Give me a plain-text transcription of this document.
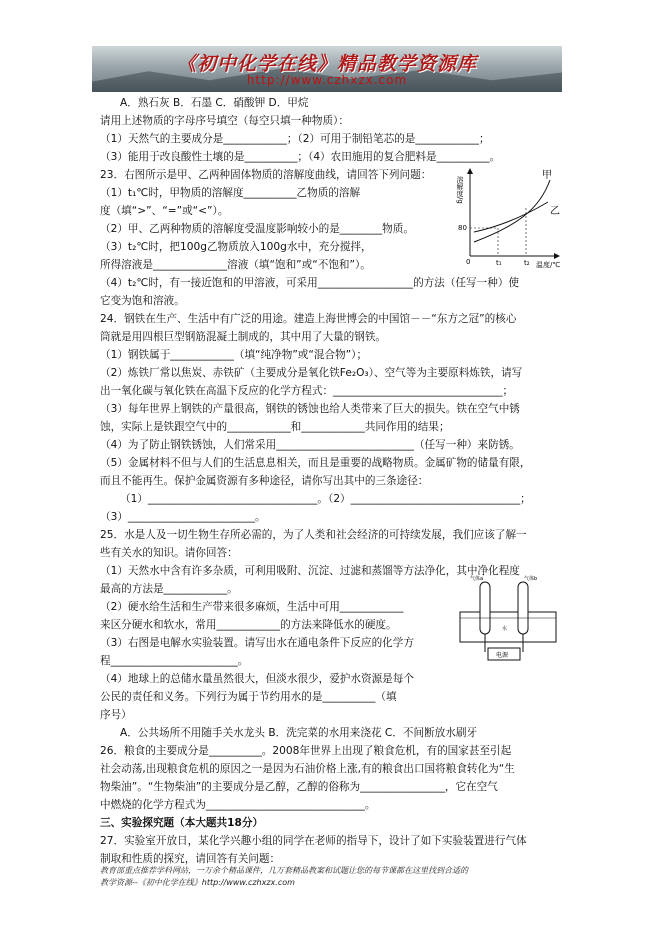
《初中化学在线》精品教学资源库
http://www.czhxzx.com

A．熟石灰 B．石墨 C．硝酸钾 D．甲烷

请用上述物质的字母序号填空（每空只填一种物质）：

（1）天然气的主要成分是____________；（2）可用于制铅笔芯的是____________；

（3）能用于改良酸性土壤的是__________；（4）农田施用的复合肥料是__________。

23．右图所示是甲、乙两种固体物质的溶解度曲线，请回答下列问题：

（1）t₁℃时，甲物质的溶解度__________乙物质的溶解

度（填“>”、“=”或“<”）。

（2）甲、乙两种物质的溶解度受温度影响较小的是________物质。

（3）t₂℃时，把100g乙物质放入100g水中，充分搅拌，

所得溶液是______________溶液（填“饱和”或“不饱和”）。

（4）t₂℃时，有一接近饱和的甲溶液，可采用__________________的方法（任写一种）使

它变为饱和溶液。

24．钢铁在生产、生活中有广泛的用途。建造上海世博会的中国馆－－“东方之冠”的核心

筒就是用四根巨型钢筋混凝土制成的，其中用了大量的钢铁。

（1）钢铁属于____________（填“纯净物”或“混合物”）；

（2）炼铁厂常以焦炭、赤铁矿（主要成分是氧化铁Fe₂O₃）、空气等为主要原料炼铁，请写

出一氧化碳与氧化铁在高温下反应的化学方程式：________________________________；

（3）每年世界上钢铁的产量很高，钢铁的锈蚀也给人类带来了巨大的损失。铁在空气中锈

蚀，实际上是铁跟空气中的____________和____________共同作用的结果；

（4）为了防止钢铁锈蚀，人们常采用__________________________（任写一种）来防锈。

（5）金属材料不但与人们的生活息息相关，而且是重要的战略物质。金属矿物的储量有限，

而且不能再生。保护金属资源有多种途径，请你写出其中的三条途径：

（1）________________________________。（2）________________________________；

（3）________________________。

25．水是人及一切生物生存所必需的，为了人类和社会经济的可持续发展，我们应该了解一

些有关水的知识。请你回答：

（1）天然水中含有许多杂质，可利用吸附、沉淀、过滤和蒸馏等方法净化，其中净化程度

最高的方法是____________。

（2）硬水给生活和生产带来很多麻烦，生活中可用____________

来区分硬水和软水，常用____________的方法来降低水的硬度。

（3）右图是电解水实验装置。请写出水在通电条件下反应的化学方

程________________________。

（4）地球上的总储水量虽然很大，但淡水很少，爱护水资源是每个

公民的责任和义务。下列行为属于节约用水的是__________（填

序号）

A．公共场所不用随手关水龙头 B．洗完菜的水用来浇花 C．不间断放水刷牙

26．粮食的主要成分是__________。2008年世界上出现了粮食危机，有的国家甚至引起

社会动荡,出现粮食危机的原因之一是因为石油价格上涨,有的粮食出口国将粮食转化为“生

物柴油”。“生物柴油”的主要成分是乙醇，乙醇的俗称为________________，它在空气

中燃烧的化学方程式为______________________________。

三、实验探究题（本大题共18分）

27．实验室开放日，某化学兴趣小组的同学在老师的指导下，设计了如下实验装置进行气体

制取和性质的探究，请回答有关问题：

溶解度/g
温度/℃
80
0	t₁	t₂
甲
乙
气体a	气体b
水
电源
教育部重点推荐学科网站，一万余个精品课件，几万套精品教案和试题让您的每节课都在这里找到合适的
教学资源--《初中化学在线》http://www.czhxzx.com
